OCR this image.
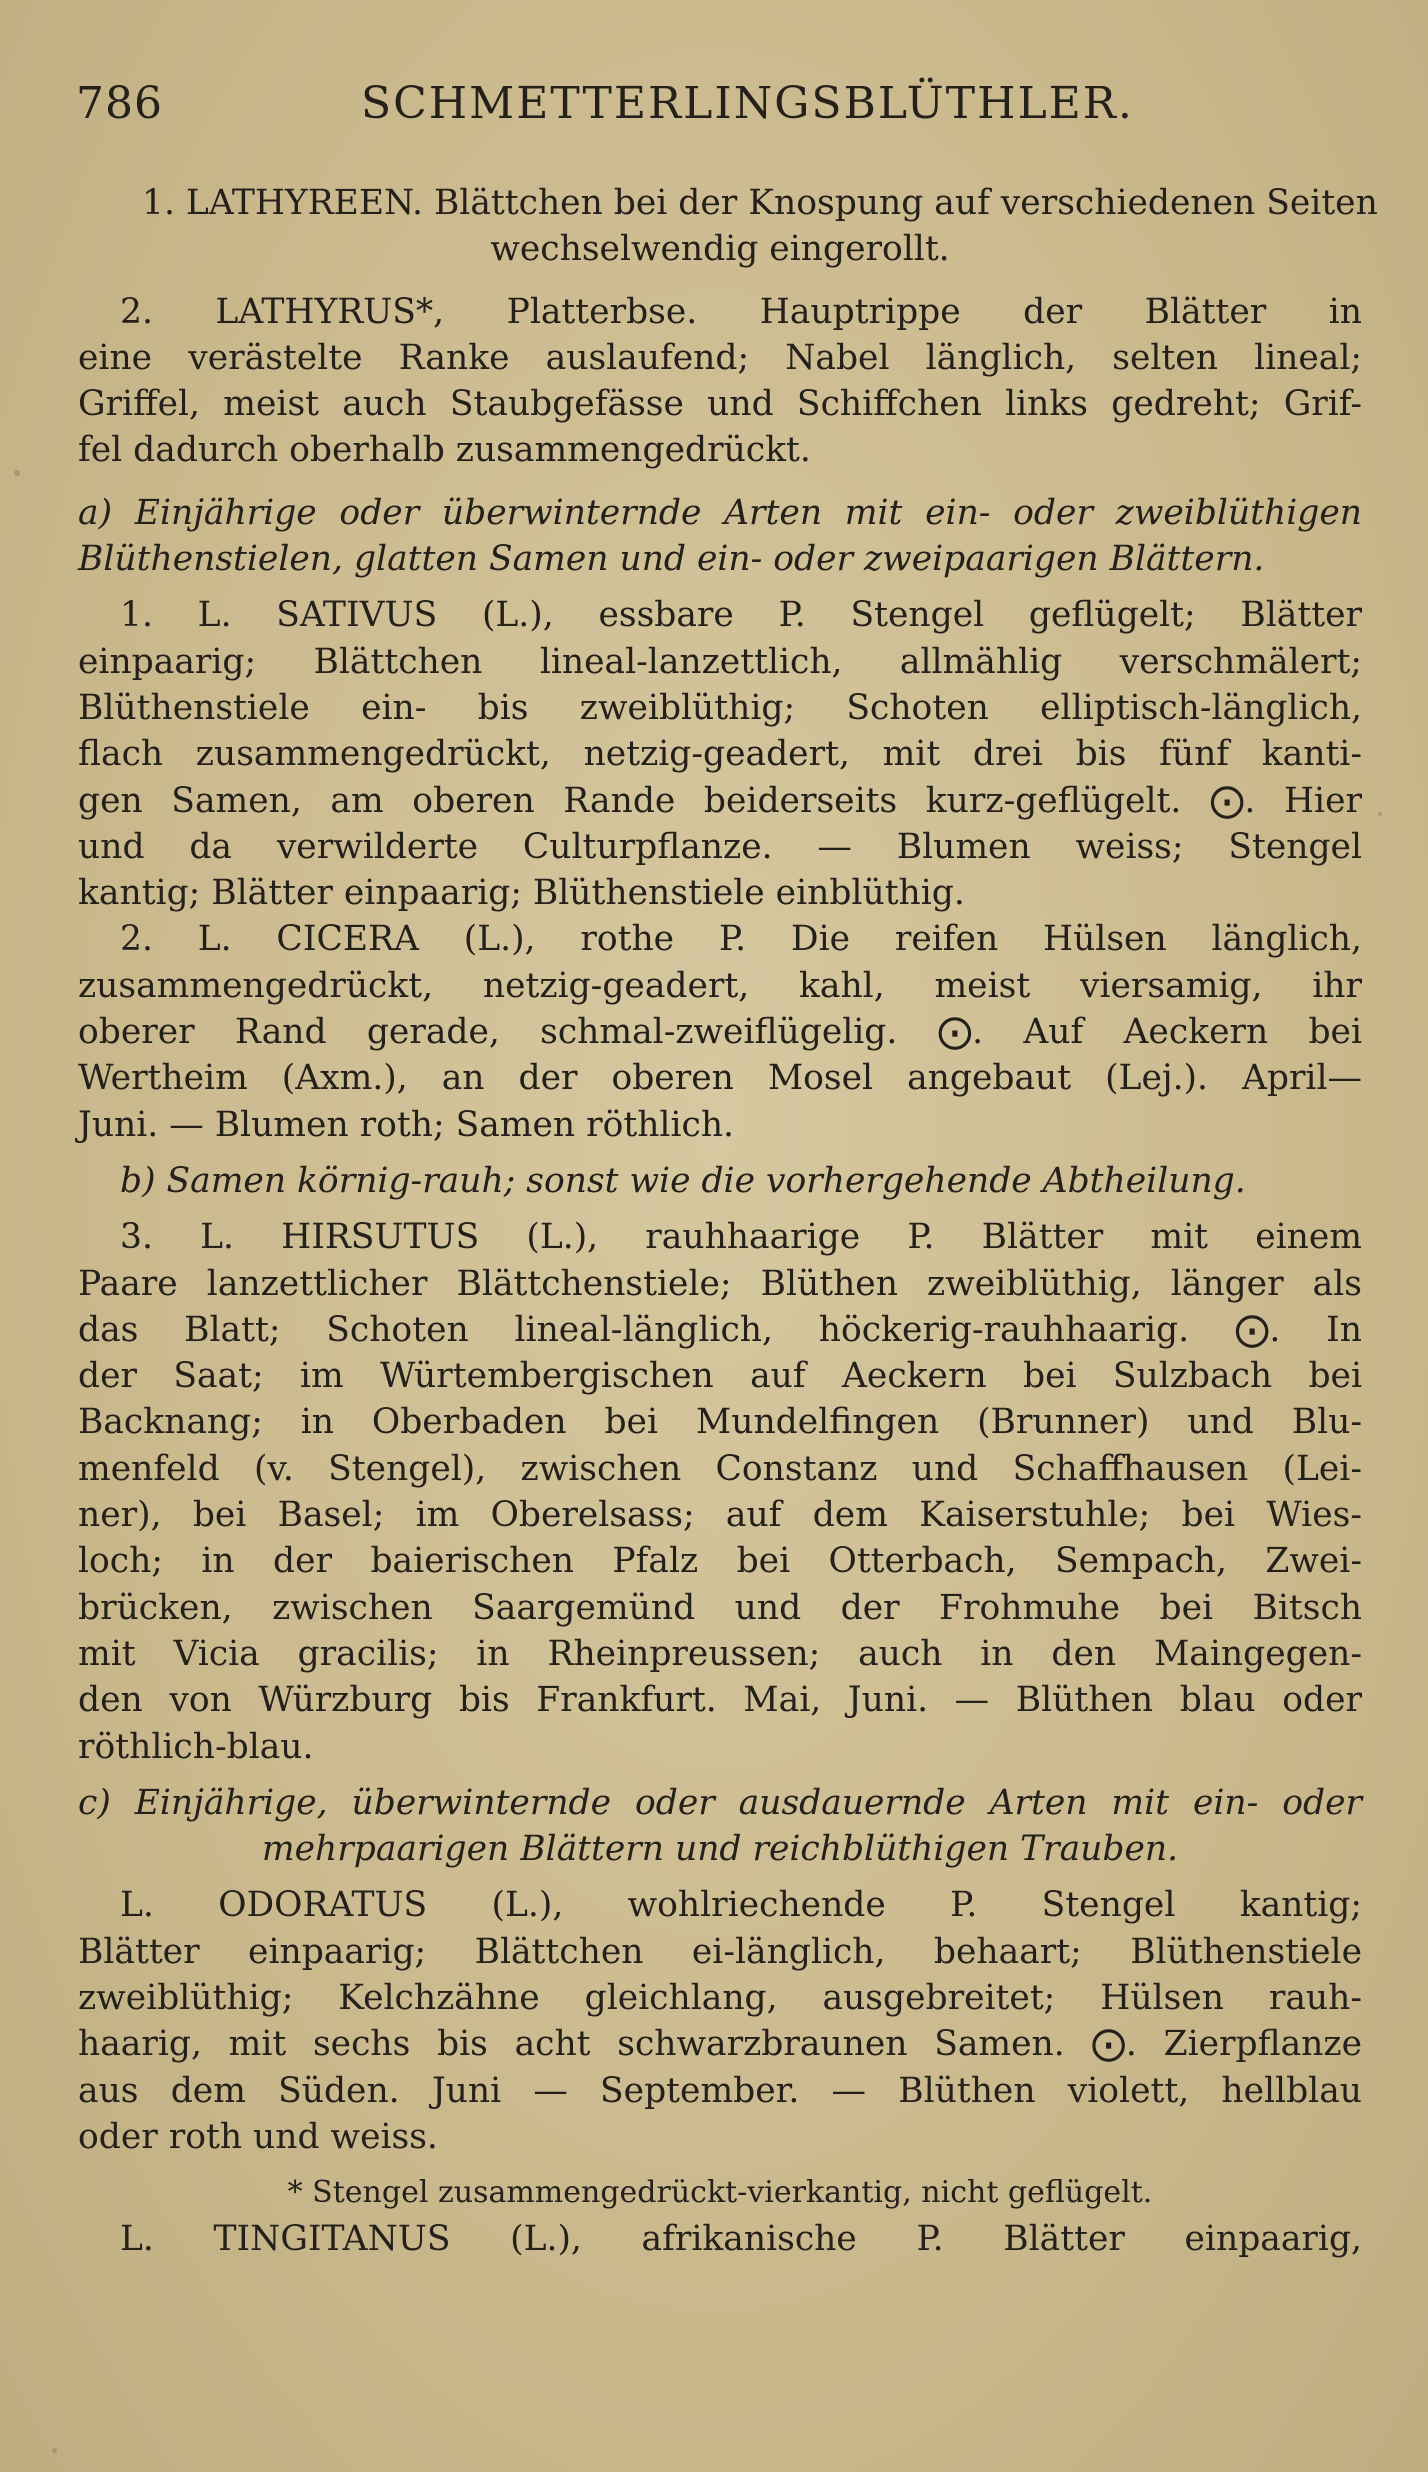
786	SCHMETTERLINGSBLÜTHLER.
1. LATHYREEN. Blättchen bei der Knospung auf verschiedenen Seiten
wechselwendig eingerollt.
2. LATHYRUS*, Platterbse. Hauptrippe der Blätter in
eine verästelte Ranke auslaufend; Nabel länglich, selten lineal;
Griffel, meist auch Staubgefässe und Schiffchen links gedreht; Grif-
fel dadurch oberhalb zusammengedrückt.
a) Einjährige oder überwinternde Arten mit ein- oder zweiblüthigen
Blüthenstielen, glatten Samen und ein- oder zweipaarigen Blättern.
1. L. SATIVUS (L.), essbare P. Stengel geflügelt; Blätter
einpaarig; Blättchen lineal-lanzettlich, allmählig verschmälert;
Blüthenstiele ein- bis zweiblüthig; Schoten elliptisch-länglich,
flach zusammengedrückt, netzig-geadert, mit drei bis fünf kanti-
gen Samen, am oberen Rande beiderseits kurz-geflügelt. ⨀. Hier
und da verwilderte Culturpflanze. — Blumen weiss; Stengel
kantig; Blätter einpaarig; Blüthenstiele einblüthig.
2. L. CICERA (L.), rothe P. Die reifen Hülsen länglich,
zusammengedrückt, netzig-geadert, kahl, meist viersamig, ihr
oberer Rand gerade, schmal-zweiflügelig. ⨀. Auf Aeckern bei
Wertheim (Axm.), an der oberen Mosel angebaut (Lej.). April—
Juni. — Blumen roth; Samen röthlich.
b) Samen körnig-rauh; sonst wie die vorhergehende Abtheilung.
3. L. HIRSUTUS (L.), rauhhaarige P. Blätter mit einem
Paare lanzettlicher Blättchenstiele; Blüthen zweiblüthig, länger als
das Blatt; Schoten lineal-länglich, höckerig-rauhhaarig. ⨀. In
der Saat; im Würtembergischen auf Aeckern bei Sulzbach bei
Backnang; in Oberbaden bei Mundelfingen (Brunner) und Blu-
menfeld (v. Stengel), zwischen Constanz und Schaffhausen (Lei-
ner), bei Basel; im Oberelsass; auf dem Kaiserstuhle; bei Wies-
loch; in der baierischen Pfalz bei Otterbach, Sempach, Zwei-
brücken, zwischen Saargemünd und der Frohmuhe bei Bitsch
mit Vicia gracilis; in Rheinpreussen; auch in den Maingegen-
den von Würzburg bis Frankfurt. Mai, Juni. — Blüthen blau oder
röthlich-blau.
c) Einjährige, überwinternde oder ausdauernde Arten mit ein- oder
mehrpaarigen Blättern und reichblüthigen Trauben.
L. ODORATUS (L.), wohlriechende P. Stengel kantig;
Blätter einpaarig; Blättchen ei-länglich, behaart; Blüthenstiele
zweiblüthig; Kelchzähne gleichlang, ausgebreitet; Hülsen rauh-
haarig, mit sechs bis acht schwarzbraunen Samen. ⨀. Zierpflanze
aus dem Süden. Juni — September. — Blüthen violett, hellblau
oder roth und weiss.
* Stengel zusammengedrückt-vierkantig, nicht geflügelt.
L. TINGITANUS (L.), afrikanische P. Blätter einpaarig,
